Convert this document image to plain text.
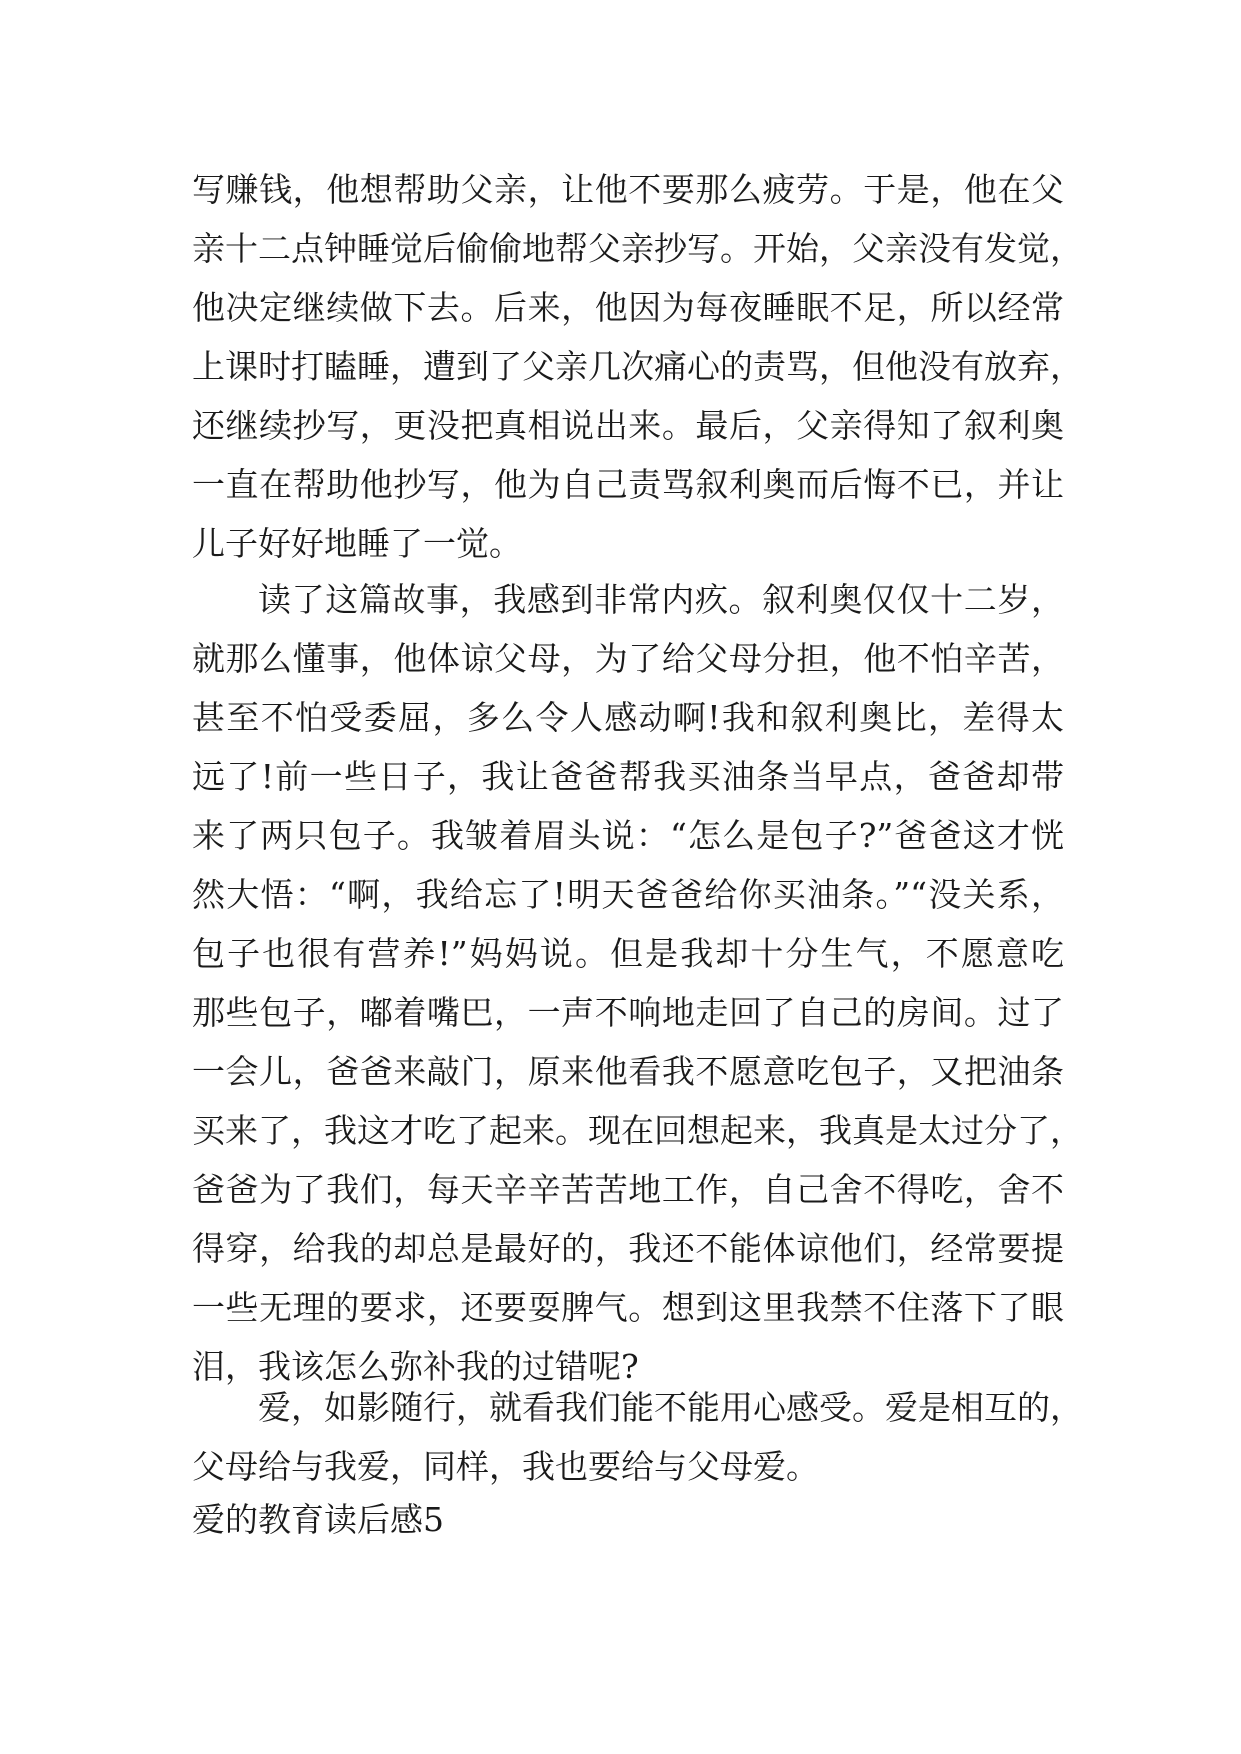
写赚钱，他想帮助父亲，让他不要那么疲劳。于是，他在父
亲十二点钟睡觉后偷偷地帮父亲抄写。开始，父亲没有发觉，
他决定继续做下去。后来，他因为每夜睡眠不足，所以经常
上课时打瞌睡，遭到了父亲几次痛心的责骂，但他没有放弃，
还继续抄写，更没把真相说出来。最后，父亲得知了叙利奥
一直在帮助他抄写，他为自己责骂叙利奥而后悔不已，并让
儿子好好地睡了一觉。
读了这篇故事，我感到非常内疚。叙利奥仅仅十二岁，
就那么懂事，他体谅父母，为了给父母分担，他不怕辛苦，
甚至不怕受委屈，多么令人感动啊!我和叙利奥比，差得太
远了!前一些日子，我让爸爸帮我买油条当早点，爸爸却带
来了两只包子。我皱着眉头说：“怎么是包子?”爸爸这才恍
然大悟：“啊，我给忘了!明天爸爸给你买油条。”“没关系，
包子也很有营养!”妈妈说。但是我却十分生气，不愿意吃
那些包子，嘟着嘴巴，一声不响地走回了自己的房间。过了
一会儿，爸爸来敲门，原来他看我不愿意吃包子，又把油条
买来了，我这才吃了起来。现在回想起来，我真是太过分了，
爸爸为了我们，每天辛辛苦苦地工作，自己舍不得吃，舍不
得穿，给我的却总是最好的，我还不能体谅他们，经常要提
一些无理的要求，还要耍脾气。想到这里我禁不住落下了眼
泪，我该怎么弥补我的过错呢?
爱，如影随行，就看我们能不能用心感受。爱是相互的，
父母给与我爱，同样，我也要给与父母爱。
爱的教育读后感5
